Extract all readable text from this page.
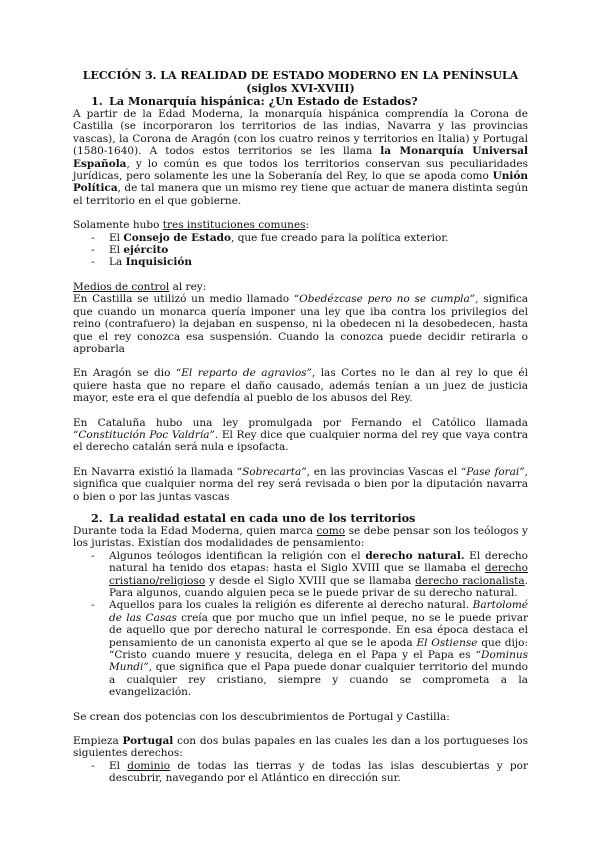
LECCIÓN 3. LA REALIDAD DE ESTADO MODERNO EN LA PENÍNSULA
(siglos XVI-XVIII)
1. La Monarquía hispánica: ¿Un Estado de Estados?

A partir de la Edad Moderna, la monarquía hispánica comprendía la Corona de Castilla (se incorporaron los territorios de las indias, Navarra y las provincias vascas), la Corona de Aragón (con los cuatro reinos y territorios en Italia) y Portugal (1580-1640). A todos estos territorios se les llama la Monarquía Universal Española, y lo común es que todos los territorios conservan sus peculiaridades jurídicas, pero solamente les une la Soberanía del Rey, lo que se apoda como Unión Política, de tal manera que un mismo rey tiene que actuar de manera distinta según el territorio en el que gobierne.

Solamente hubo tres instituciones comunes:

- El Consejo de Estado, que fue creado para la política exterior.
- El ejército
- La Inquisición

Medios de control al rey:

En Castilla se utilizó un medio llamado “Obedézcase pero no se cumpla”, significa que cuando un monarca quería imponer una ley que iba contra los privilegios del reino (contrafuero) la dejaban en suspenso, ni la obedecen ni la desobedecen, hasta que el rey conozca esa suspensión. Cuando la conozca puede decidir retirarla o aprobarla

En Aragón se dio “El reparto de agravios”, las Cortes no le dan al rey lo que él quiere hasta que no repare el daño causado, además tenían a un juez de justicia mayor, este era el que defendía al pueblo de los abusos del Rey.

En Cataluña hubo una ley promulgada por Fernando el Católico llamada “Constitución Poc Valdría”. El Rey dice que cualquier norma del rey que vaya contra el derecho catalán será nula e ipsofacta.

En Navarra existió la llamada “Sobrecarta”, en las provincias Vascas el “Pase forai”, significa que cualquier norma del rey será revisada o bien por la diputación navarra o bien o por las juntas vascas

2. La realidad estatal en cada uno de los territorios

Durante toda la Edad Moderna, quien marca como se debe pensar son los teólogos y los juristas. Existían dos modalidades de pensamiento:

- Algunos teólogos identifican la religión con el derecho natural. El derecho natural ha tenido dos etapas: hasta el Siglo XVIII que se llamaba el derecho cristiano/religioso y desde el Siglo XVIII que se llamaba derecho racionalista. Para algunos, cuando alguien peca se le puede privar de su derecho natural.
- Aquellos para los cuales la religión es diferente al derecho natural. Bartolomé de las Casas creía que por mucho que un infiel peque, no se le puede privar de aquello que por derecho natural le corresponde. En esa época destaca el pensamiento de un canonista experto al que se le apoda El Ostiense que dijo: “Cristo cuando muere y resucita, delega en el Papa y el Papa es “Dominus Mundi”, que significa que el Papa puede donar cualquier territorio del mundo a cualquier rey cristiano, siempre y cuando se comprometa a la evangelización.

Se crean dos potencias con los descubrimientos de Portugal y Castilla:

Empieza Portugal con dos bulas papales en las cuales les dan a los portugueses los siguientes derechos:

- El dominio de todas las tierras y de todas las islas descubiertas y por descubrir, navegando por el Atlántico en dirección sur.
